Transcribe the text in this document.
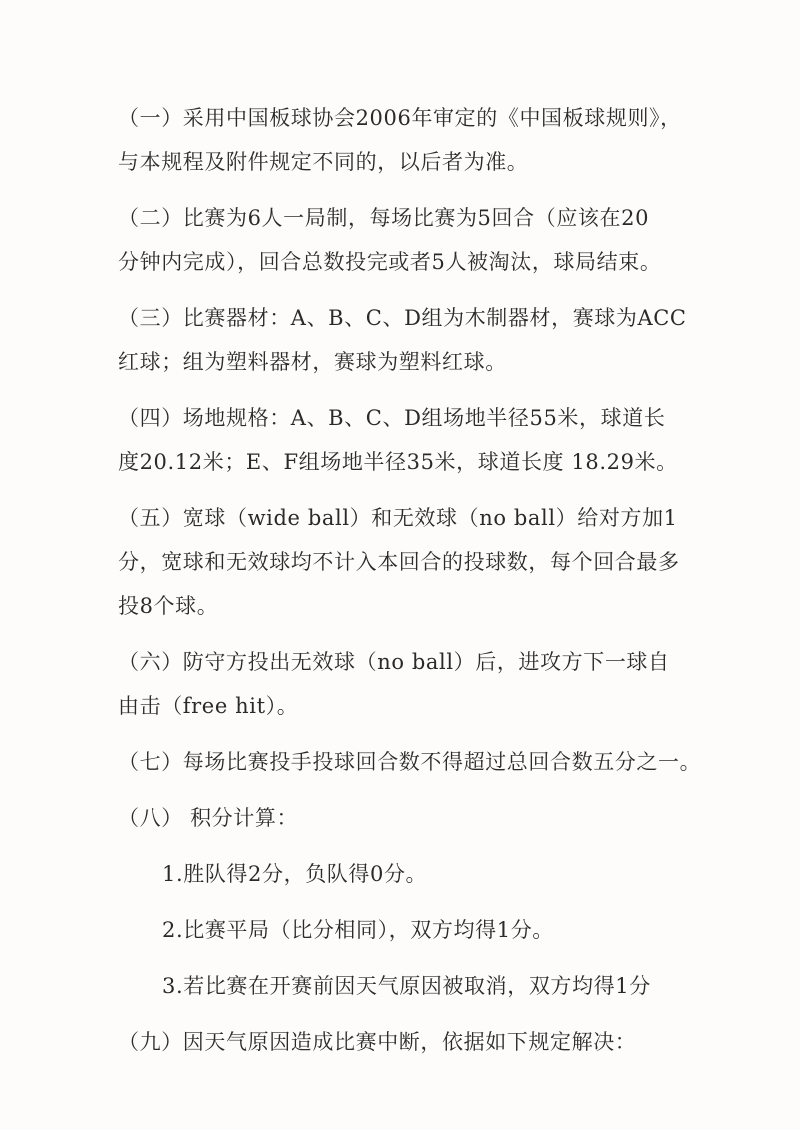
（一）采用中国板球协会2006年审定的《中国板球规则》，
与本规程及附件规定不同的，以后者为准。

（二）比赛为6人一局制，每场比赛为5回合（应该在20
分钟内完成），回合总数投完或者5人被淘汰，球局结束。

（三）比赛器材：A、B、C、D组为木制器材，赛球为ACC
红球；组为塑料器材，赛球为塑料红球。

（四）场地规格：A、B、C、D组场地半径55米，球道长
度20.12米；E、F组场地半径35米，球道长度 18.29米。

（五）宽球（wide ball）和无效球（no ball）给对方加1
分，宽球和无效球均不计入本回合的投球数，每个回合最多
投8个球。

（六）防守方投出无效球（no ball）后，进攻方下一球自
由击（free hit）。

（七）每场比赛投手投球回合数不得超过总回合数五分之一。

（八） 积分计算：

1.胜队得2分，负队得0分。

2.比赛平局（比分相同），双方均得1分。

3.若比赛在开赛前因天气原因被取消，双方均得1分

（九）因天气原因造成比赛中断，依据如下规定解决：
